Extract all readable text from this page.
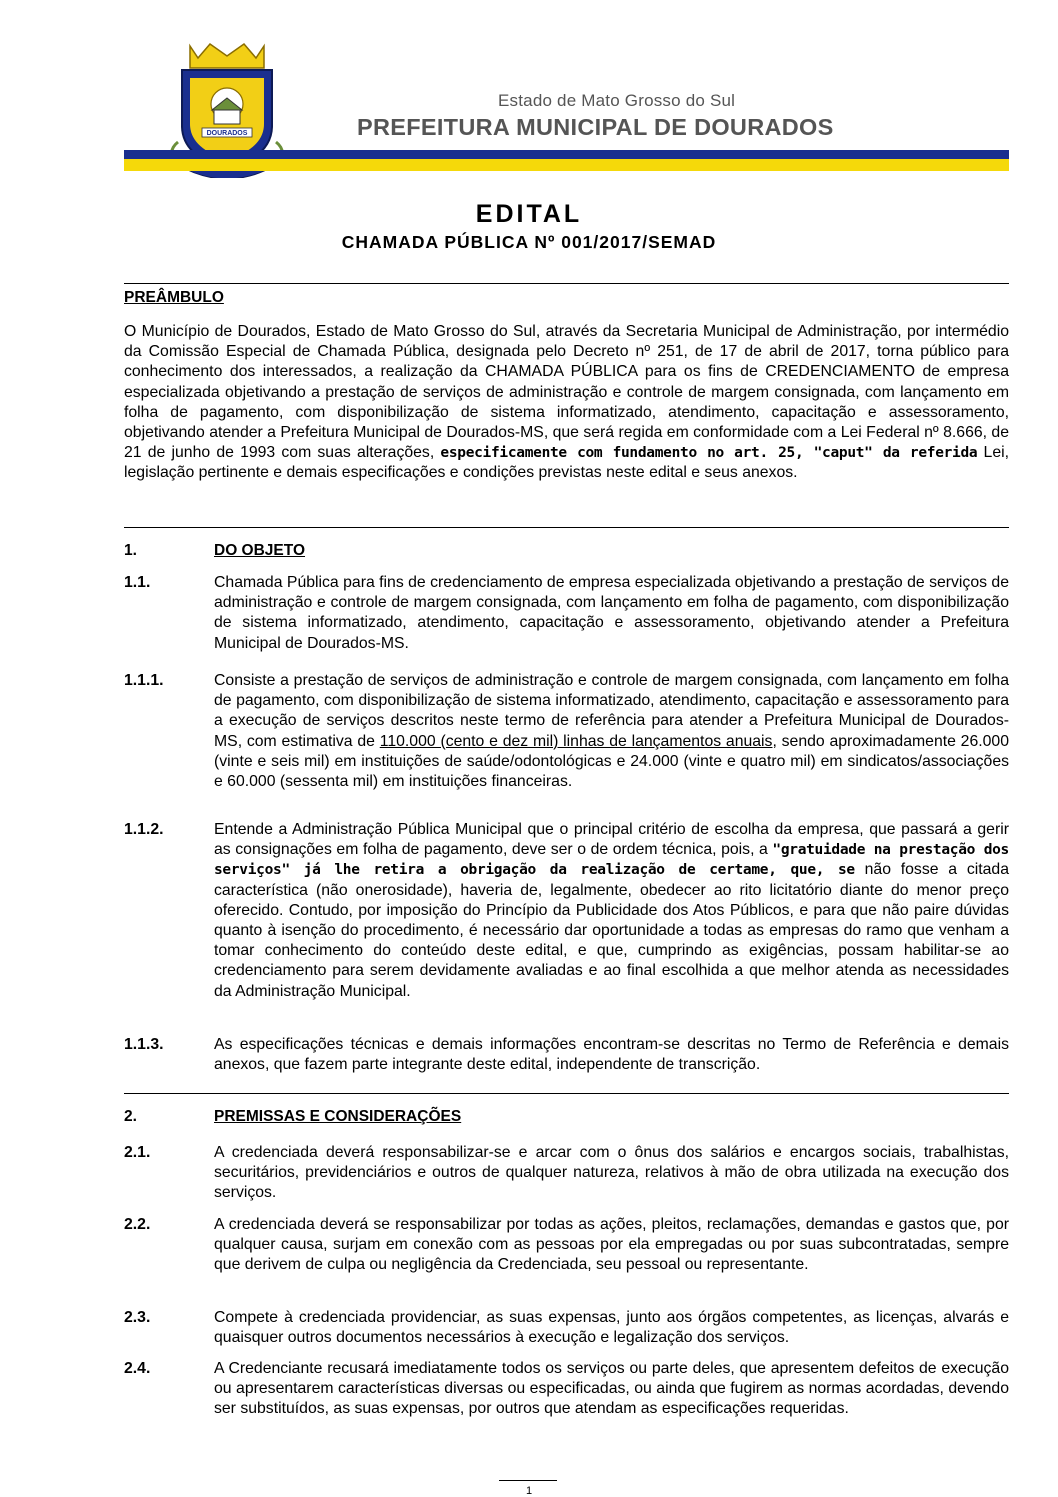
DOURADOS
Estado de Mato Grosso do Sul
PREFEITURA MUNICIPAL DE DOURADOS
EDITAL
CHAMADA PÚBLICA Nº 001/2017/SEMAD
PREÂMBULO
O Município de Dourados, Estado de Mato Grosso do Sul, através da Secretaria Municipal de Administração, por intermédio da Comissão Especial de Chamada Pública, designada pelo Decreto nº 251, de 17 de abril de 2017, torna público para conhecimento dos interessados, a realização da CHAMADA PÚBLICA para os fins de CREDENCIAMENTO de empresa especializada objetivando a prestação de serviços de administração e controle de margem consignada, com lançamento em folha de pagamento, com disponibilização de sistema informatizado, atendimento, capacitação e assessoramento, objetivando atender a Prefeitura Municipal de Dourados-MS, que será regida em conformidade com a Lei Federal nº 8.666, de 21 de junho de 1993 com suas alterações, especificamente com fundamento no art. 25, "caput" da referida Lei, legislação pertinente e demais especificações e condições previstas neste edital e seus anexos.
1.	DO OBJETO
1.1.	Chamada Pública para fins de credenciamento de empresa especializada objetivando a prestação de serviços de administração e controle de margem consignada, com lançamento em folha de pagamento, com disponibilização de sistema informatizado, atendimento, capacitação e assessoramento, objetivando atender a Prefeitura Municipal de Dourados-MS.
1.1.1.	Consiste a prestação de serviços de administração e controle de margem consignada, com lançamento em folha de pagamento, com disponibilização de sistema informatizado, atendimento, capacitação e assessoramento para a execução de serviços descritos neste termo de referência para atender a Prefeitura Municipal de Dourados-MS, com estimativa de 110.000 (cento e dez mil) linhas de lançamentos anuais, sendo aproximadamente 26.000 (vinte e seis mil) em instituições de saúde/odontológicas e 24.000 (vinte e quatro mil) em sindicatos/associações e 60.000 (sessenta mil) em instituições financeiras.
1.1.2.	Entende a Administração Pública Municipal que o principal critério de escolha da empresa, que passará a gerir as consignações em folha de pagamento, deve ser o de ordem técnica, pois, a "gratuidade na prestação dos serviços" já lhe retira a obrigação da realização de certame, que, se não fosse a citada característica (não onerosidade), haveria de, legalmente, obedecer ao rito licitatório diante do menor preço oferecido. Contudo, por imposição do Princípio da Publicidade dos Atos Públicos, e para que não paire dúvidas quanto à isenção do procedimento, é necessário dar oportunidade a todas as empresas do ramo que venham a tomar conhecimento do conteúdo deste edital, e que, cumprindo as exigências, possam habilitar-se ao credenciamento para serem devidamente avaliadas e ao final escolhida a que melhor atenda as necessidades da Administração Municipal.
1.1.3.	As especificações técnicas e demais informações encontram-se descritas no Termo de Referência e demais anexos, que fazem parte integrante deste edital, independente de transcrição.
2.	PREMISSAS E CONSIDERAÇÕES
2.1.	A credenciada deverá responsabilizar-se e arcar com o ônus dos salários e encargos sociais, trabalhistas, securitários, previdenciários e outros de qualquer natureza, relativos à mão de obra utilizada na execução dos serviços.
2.2.	A credenciada deverá se responsabilizar por todas as ações, pleitos, reclamações, demandas e gastos que, por qualquer causa, surjam em conexão com as pessoas por ela empregadas ou por suas subcontratadas, sempre que derivem de culpa ou negligência da Credenciada, seu pessoal ou representante.
2.3.	Compete à credenciada providenciar, as suas expensas, junto aos órgãos competentes, as licenças, alvarás e quaisquer outros documentos necessários à execução e legalização dos serviços.
2.4.	A Credenciante recusará imediatamente todos os serviços ou parte deles, que apresentem defeitos de execução ou apresentarem características diversas ou especificadas, ou ainda que fugirem as normas acordadas, devendo ser substituídos, as suas expensas, por outros que atendam as especificações requeridas.
1
